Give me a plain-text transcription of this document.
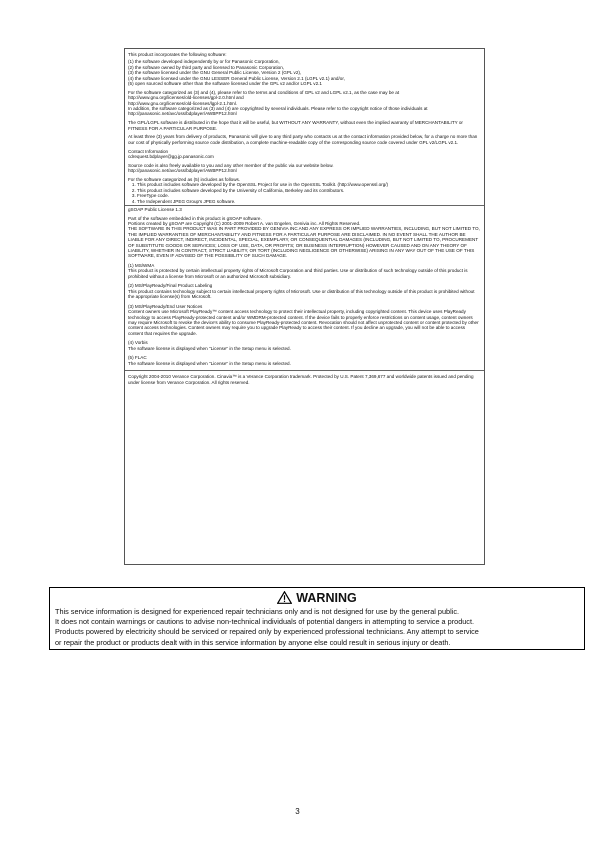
This product incorporates the following software:

(1) the software developed independently by or for Panasonic Corporation,

(2) the software owned by third party and licensed to Panasonic Corporation,

(3) the software licensed under the GNU General Public License, Version 2 (GPL v2),

(4) the software licensed under the GNU LESSER General Public License, Version 2.1 (LGPL v2.1) and/or,

(5) open sourced software other than the software licensed under the GPL v2 and/or LGPL v2.1

For the software categorized as (3) and (4), please refer to the terms and conditions of GPL v2 and LGPL v2.1, as the case may be at

http://www.gnu.org/licenses/old-licenses/gpl-2.0.html and

http://www.gnu.org/licenses/old-licenses/lgpl-2.1.html.

In addition, the software categorized as (3) and (4) are copyrighted by several individuals. Please refer to the copyright notice of those individuals at

http://panasonic.net/avc/oss/bdplayer/AWBPP12.html

The GPL/LGPL software is distributed in the hope that it will be useful, but WITHOUT ANY WARRANTY, without even the implied warranty of MERCHANTABILITY or FITNESS FOR A PARTICULAR PURPOSE.

At least three (3) years from delivery of products, Panasonic will give to any third party who contacts us at the contact information provided below, for a charge no more than our cost of physically performing source code distribution, a complete machine-readable copy of the corresponding source code covered under GPL v2/LGPL v2.1.

Contact Information

cdrequest.bdplayer@gg.jp.panasonic.com

Source code is also freely available to you and any other member of the public via our website below.

http://panasonic.net/avc/oss/bdplayer/AWBPP12.html

For the software categorized as (5) includes as follows.

1. This product includes software developed by the OpenSSL Project for use in the OpenSSL Toolkit. (http://www.openssl.org/)
2. This product includes software developed by the University of California, Berkeley and its contributors.
3. FreeType code.
4. The Independent JPEG Group's JPEG software.

gSOAP Public License 1.3

Part of the software embedded in this product is gSOAP software.

Portions created by gSOAP are Copyright (C) 2001-2009 Robert A. van Engelen, Genivia inc. All Rights Reserved.

THE SOFTWARE IN THIS PRODUCT WAS IN PART PROVIDED BY GENIVIA INC AND ANY EXPRESS OR IMPLIED WARRANTIES, INCLUDING, BUT NOT LIMITED TO, THE IMPLIED WARRANTIES OF MERCHANTABILITY AND FITNESS FOR A PARTICULAR PURPOSE ARE DISCLAIMED. IN NO EVENT SHALL THE AUTHOR BE LIABLE FOR ANY DIRECT, INDIRECT, INCIDENTAL, SPECIAL, EXEMPLARY, OR CONSEQUENTIAL DAMAGES (INCLUDING, BUT NOT LIMITED TO, PROCUREMENT OF SUBSTITUTE GOODS OR SERVICES; LOSS OF USE, DATA, OR PROFITS; OR BUSINESS INTERRUPTION) HOWEVER CAUSED AND ON ANY THEORY OF LIABILITY, WHETHER IN CONTRACT, STRICT LIABILITY, OR TORT (INCLUDING NEGLIGENCE OR OTHERWISE) ARISING IN ANY WAY OUT OF THE USE OF THIS SOFTWARE, EVEN IF ADVISED OF THE POSSIBILITY OF SUCH DAMAGE.

(1) MS/WMA

This product is protected by certain intellectual property rights of Microsoft Corporation and third parties. Use or distribution of such technology outside of this product is prohibited without a license from Microsoft or an authorized Microsoft subsidiary.

(2) MS/PlayReady/Final Product Labeling

This product contains technology subject to certain intellectual property rights of Microsoft. Use or distribution of this technology outside of this product is prohibited without the appropriate license(s) from Microsoft.

(3) MS/PlayReady/End User Notices

Content owners use Microsoft PlayReady™ content access technology to protect their intellectual property, including copyrighted content. This device uses PlayReady technology to access PlayReady-protected content and/or WMDRM-protected content. If the device fails to properly enforce restrictions on content usage, content owners may require Microsoft to revoke the device's ability to consume PlayReady-protected content. Revocation should not affect unprotected content or content protected by other content access technologies. Content owners may require you to upgrade PlayReady to access their content. If you decline an upgrade, you will not be able to access content that requires the upgrade.

(4) Vorbis

The software license is displayed when "License" in the Setup menu is selected.

(5) FLAC

The software license is displayed when "License" in the Setup menu is selected.

Copyright 2004-2010 Verance Corporation. Cinavia™ is a Verance Corporation trademark. Protected by U.S. Patent 7,369,677 and worldwide patents issued and pending under license from Verance Corporation. All rights reserved.

WARNING

This service information is designed for experienced repair technicians only and is not designed for use by the general public.

It does not contain warnings or cautions to advise non-technical individuals of potential dangers in attempting to service a product.

Products powered by electricity should be serviced or repaired only by experienced professional technicians. Any attempt to service

or repair the product or products dealt with in this service information by anyone else could result in serious injury or death.

3
